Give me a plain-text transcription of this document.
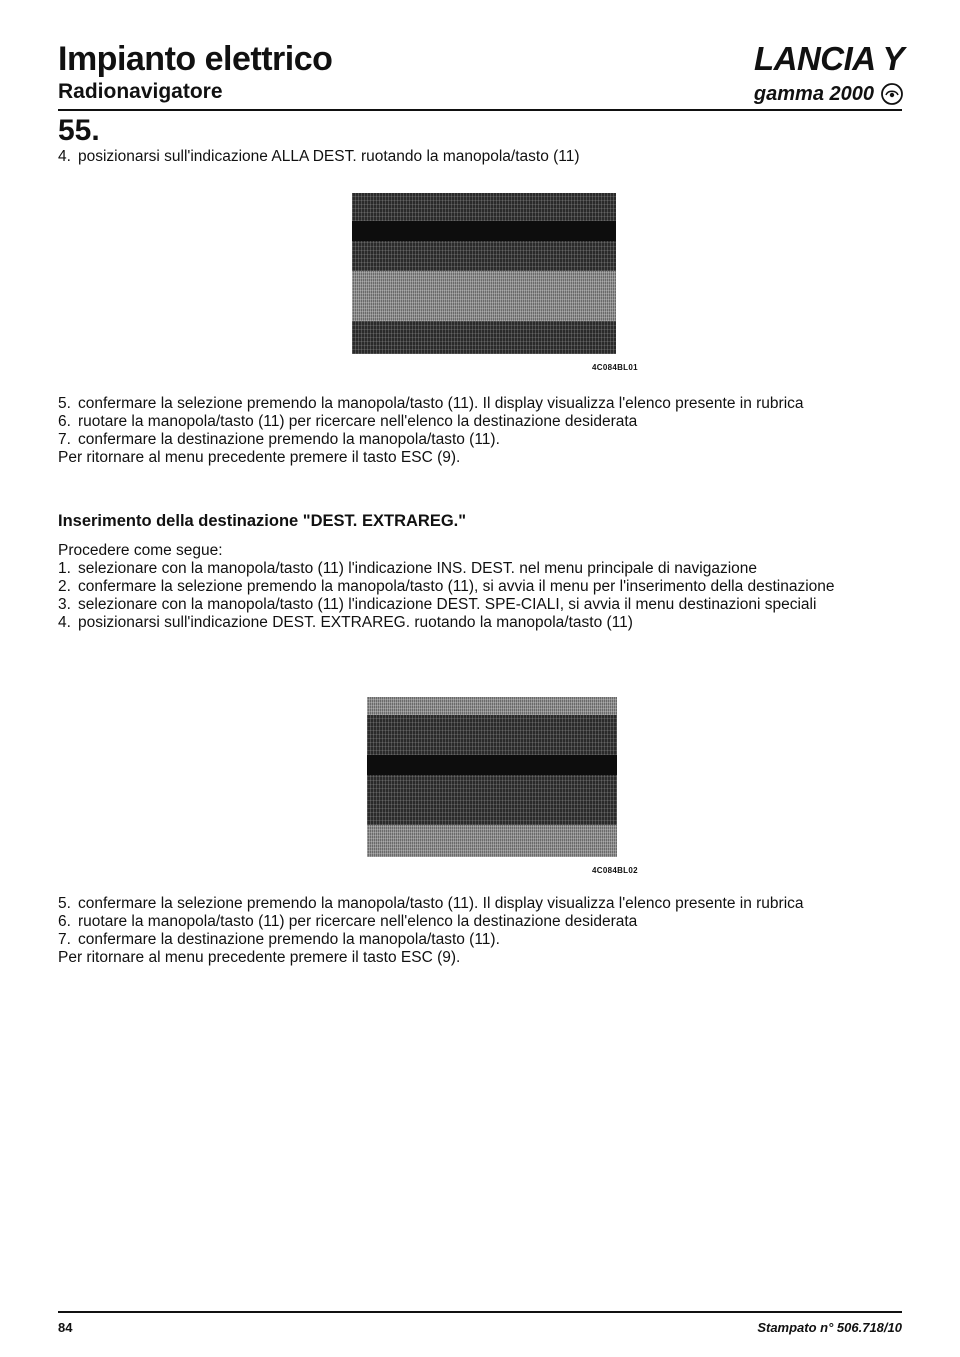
Impianto elettrico
Radionavigatore
LANCIA Y
gamma 2000
55.
4. posizionarsi sull'indicazione ALLA DEST. ruotando la manopola/tasto (11)
4C084BL01
5. confermare la selezione premendo la manopola/tasto (11). Il display visualizza l'elenco presente in rubrica
6. ruotare la manopola/tasto (11) per ricercare nell'elenco la destinazione desiderata
7. confermare la destinazione premendo la manopola/tasto (11).

Per ritornare al menu precedente premere il tasto ESC (9).

Inserimento della destinazione "DEST. EXTRAREG."

Procedere come segue:

1. selezionare con la manopola/tasto (11) l'indicazione INS. DEST. nel menu principale di navigazione
2. confermare la selezione premendo la manopola/tasto (11), si avvia il menu per l'inserimento della destinazione
3. selezionare con la manopola/tasto (11) l'indicazione DEST. SPE-CIALI, si avvia il menu destinazioni speciali
4. posizionarsi sull'indicazione DEST. EXTRAREG. ruotando la manopola/tasto (11)
4C084BL02
5. confermare la selezione premendo la manopola/tasto (11). Il display visualizza l'elenco presente in rubrica
6. ruotare la manopola/tasto (11) per ricercare nell'elenco la destinazione desiderata
7. confermare la destinazione premendo la manopola/tasto (11).

Per ritornare al menu precedente premere il tasto ESC (9).

84	Stampato n° 506.718/10
